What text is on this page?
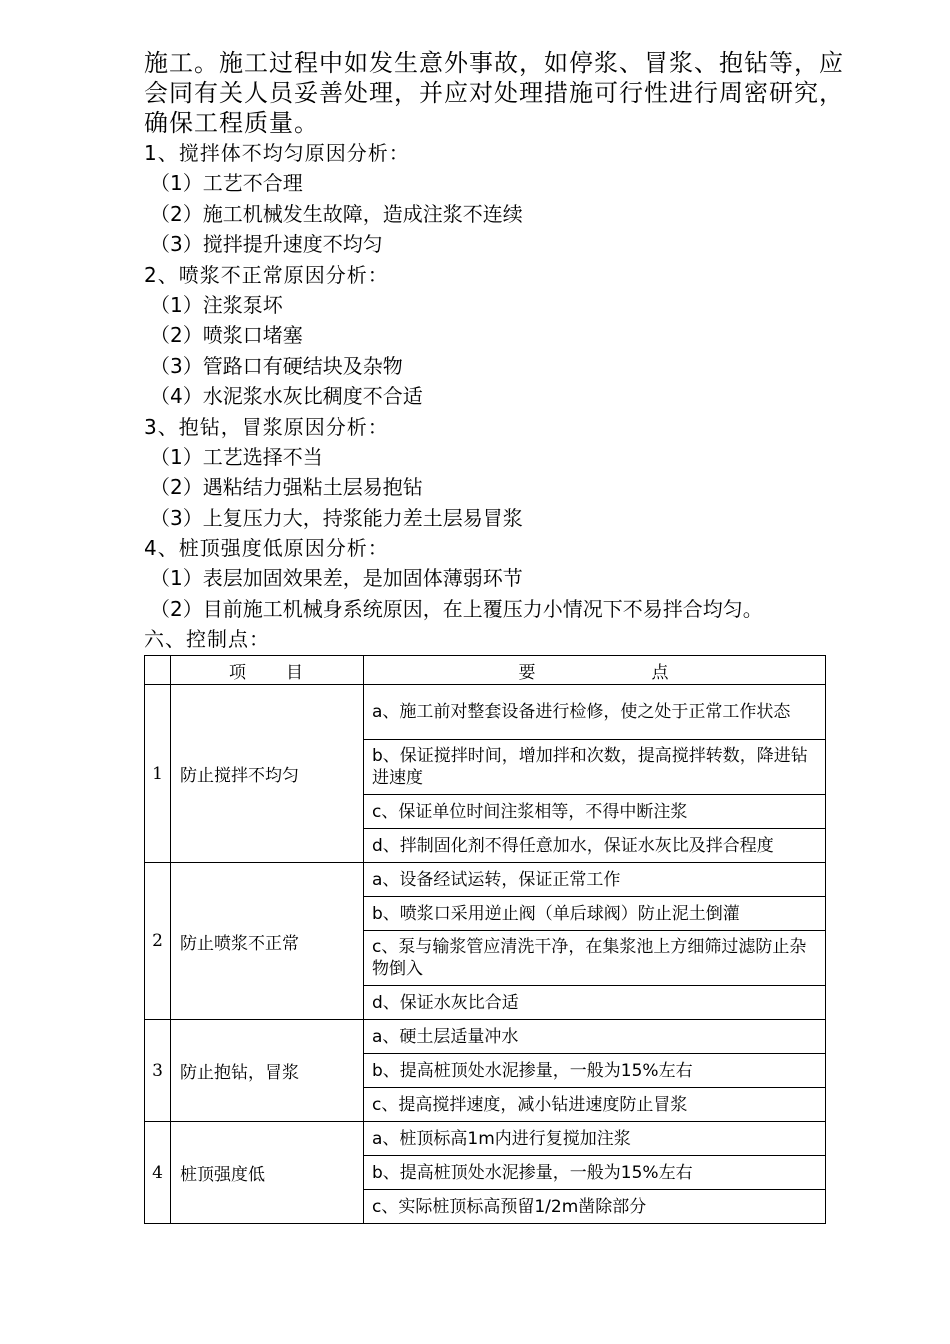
施工。施工过程中如发生意外事故，如停浆、冒浆、抱钻等，应
会同有关人员妥善处理，并应对处理措施可行性进行周密研究，
确保工程质量。

1、搅拌体不均匀原因分析：
（1）工艺不合理
（2）施工机械发生故障，造成注浆不连续
（3）搅拌提升速度不均匀
2、喷浆不正常原因分析：
（1）注浆泵坏
（2）喷浆口堵塞
（3）管路口有硬结块及杂物
（4）水泥浆水灰比稠度不合适
3、抱钻，冒浆原因分析：
（1）工艺选择不当
（2）遇粘结力强粘土层易抱钻
（3）上复压力大，持浆能力差土层易冒浆
4、桩顶强度低原因分析：
（1）表层加固效果差，是加固体薄弱环节
（2）目前施工机械身系统原因，在上覆压力小情况下不易拌合均匀。
六、控制点：
	项　　目	要　　　　　　点
1	防止搅拌不均匀	a、施工前对整套设备进行检修，使之处于正常工作状态
		b、保证搅拌时间，增加拌和次数，提高搅拌转数，降进钻进速度
		c、保证单位时间注浆相等，不得中断注浆
		d、拌制固化剂不得任意加水，保证水灰比及拌合程度
2	防止喷浆不正常	a、设备经试运转，保证正常工作
		b、喷浆口采用逆止阀（单后球阀）防止泥土倒灌
		c、泵与输浆管应清洗干净，在集浆池上方细筛过滤防止杂物倒入
		d、保证水灰比合适
3	防止抱钻，冒浆	a、硬土层适量冲水
		b、提高桩顶处水泥掺量，一般为15%左右
		c、提高搅拌速度，减小钻进速度防止冒浆
4	桩顶强度低	a、桩顶标高1m内进行复搅加注浆
		b、提高桩顶处水泥掺量，一般为15%左右
		c、实际桩顶标高预留1/2m凿除部分
